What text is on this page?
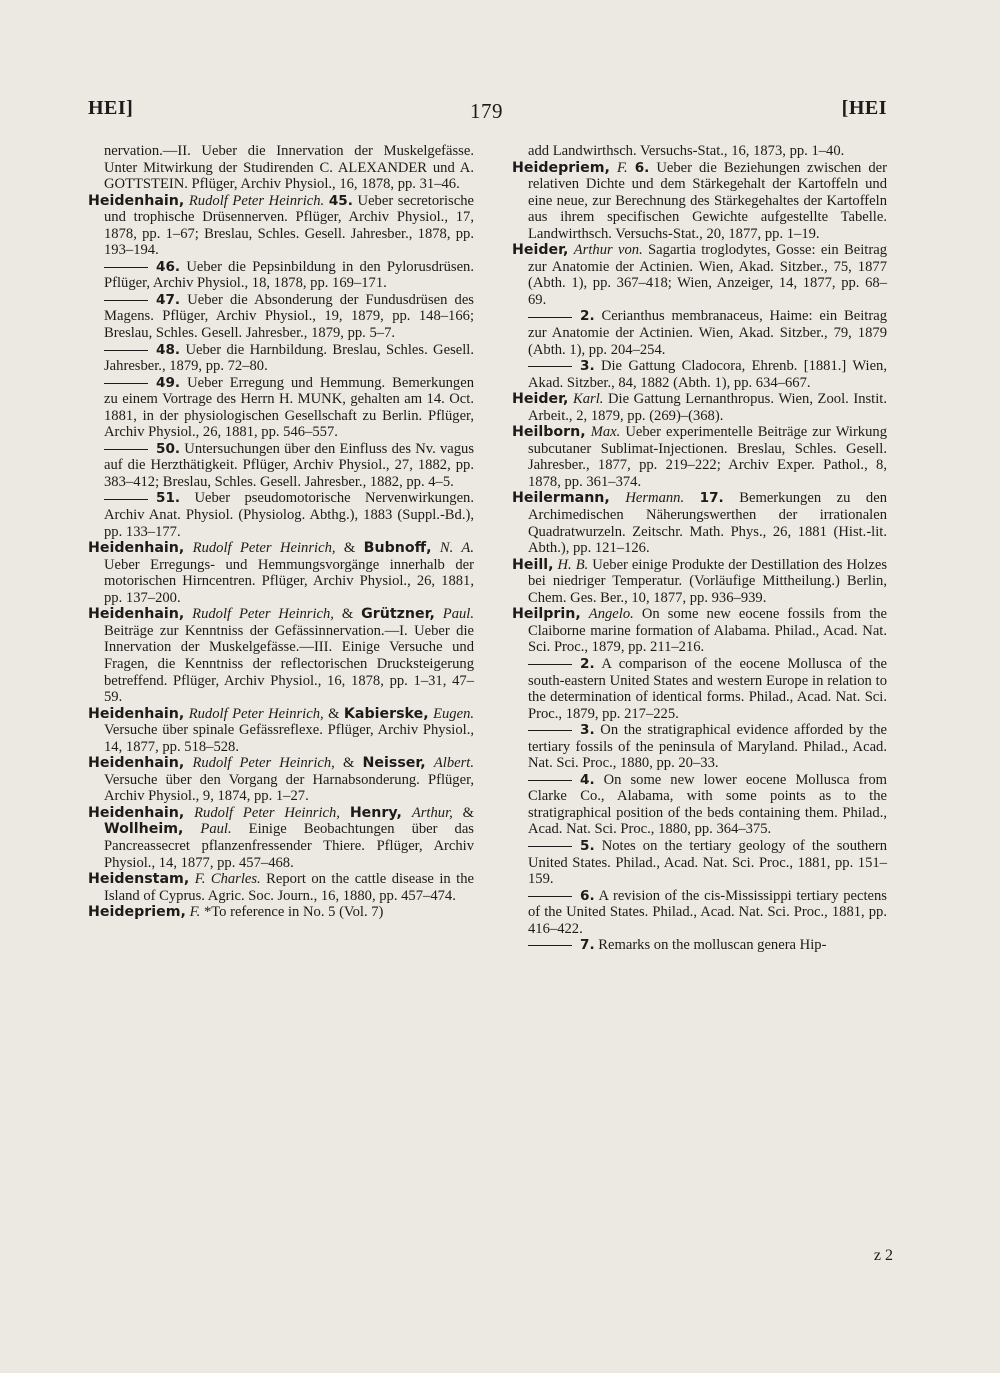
HEI]	179	[HEI

nervation.—II. Ueber die Innervation der Muskelgefässe. Unter Mitwirkung der Studirenden C. ALEXANDER und A. GOTTSTEIN. Pflüger, Archiv Physiol., 16, 1878, pp. 31–46.

Heidenhain, Rudolf Peter Heinrich. 45. Ueber secretorische und trophische Drüsennerven. Pflüger, Archiv Physiol., 17, 1878, pp. 1–67; Breslau, Schles. Gesell. Jahresber., 1878, pp. 193–194.

46. Ueber die Pepsinbildung in den Pylorusdrüsen. Pflüger, Archiv Physiol., 18, 1878, pp. 169–171.

47. Ueber die Absonderung der Fundusdrüsen des Magens. Pflüger, Archiv Physiol., 19, 1879, pp. 148–166; Breslau, Schles. Gesell. Jahresber., 1879, pp. 5–7.

48. Ueber die Harnbildung. Breslau, Schles. Gesell. Jahresber., 1879, pp. 72–80.

49. Ueber Erregung und Hemmung. Bemerkungen zu einem Vortrage des Herrn H. MUNK, gehalten am 14. Oct. 1881, in der physiologischen Gesellschaft zu Berlin. Pflüger, Archiv Physiol., 26, 1881, pp. 546–557.

50. Untersuchungen über den Einfluss des Nv. vagus auf die Herzthätigkeit. Pflüger, Archiv Physiol., 27, 1882, pp. 383–412; Breslau, Schles. Gesell. Jahresber., 1882, pp. 4–5.

51. Ueber pseudomotorische Nervenwirkungen. Archiv Anat. Physiol. (Physiolog. Abthg.), 1883 (Suppl.-Bd.), pp. 133–177.

Heidenhain, Rudolf Peter Heinrich, & Bubnoff, N. A. Ueber Erregungs- und Hemmungsvorgänge innerhalb der motorischen Hirncentren. Pflüger, Archiv Physiol., 26, 1881, pp. 137–200.

Heidenhain, Rudolf Peter Heinrich, & Grützner, Paul. Beiträge zur Kenntniss der Gefässinnervation.—I. Ueber die Innervation der Muskelgefässe.—III. Einige Versuche und Fragen, die Kenntniss der reflectorischen Drucksteigerung betreffend. Pflüger, Archiv Physiol., 16, 1878, pp. 1–31, 47–59.

Heidenhain, Rudolf Peter Heinrich, & Kabierske, Eugen. Versuche über spinale Gefässreflexe. Pflüger, Archiv Physiol., 14, 1877, pp. 518–528.

Heidenhain, Rudolf Peter Heinrich, & Neisser, Albert. Versuche über den Vorgang der Harnabsonderung. Pflüger, Archiv Physiol., 9, 1874, pp. 1–27.

Heidenhain, Rudolf Peter Heinrich, Henry, Arthur, & Wollheim, Paul. Einige Beobachtungen über das Pancreassecret pflanzenfressender Thiere. Pflüger, Archiv Physiol., 14, 1877, pp. 457–468.

Heidenstam, F. Charles. Report on the cattle disease in the Island of Cyprus. Agric. Soc. Journ., 16, 1880, pp. 457–474.

Heidepriem, F. *To reference in No. 5 (Vol. 7)

add Landwirthsch. Versuchs-Stat., 16, 1873, pp. 1–40.

Heidepriem, F. 6. Ueber die Beziehungen zwischen der relativen Dichte und dem Stärkegehalt der Kartoffeln und eine neue, zur Berechnung des Stärkegehaltes der Kartoffeln aus ihrem specifischen Gewichte aufgestellte Tabelle. Landwirthsch. Versuchs-Stat., 20, 1877, pp. 1–19.

Heider, Arthur von. Sagartia troglodytes, Gosse: ein Beitrag zur Anatomie der Actinien. Wien, Akad. Sitzber., 75, 1877 (Abth. 1), pp. 367–418; Wien, Anzeiger, 14, 1877, pp. 68–69.

2. Cerianthus membranaceus, Haime: ein Beitrag zur Anatomie der Actinien. Wien, Akad. Sitzber., 79, 1879 (Abth. 1), pp. 204–254.

3. Die Gattung Cladocora, Ehrenb. [1881.] Wien, Akad. Sitzber., 84, 1882 (Abth. 1), pp. 634–667.

Heider, Karl. Die Gattung Lernanthropus. Wien, Zool. Instit. Arbeit., 2, 1879, pp. (269)–(368).

Heilborn, Max. Ueber experimentelle Beiträge zur Wirkung subcutaner Sublimat-Injectionen. Breslau, Schles. Gesell. Jahresber., 1877, pp. 219–222; Archiv Exper. Pathol., 8, 1878, pp. 361–374.

Heilermann, Hermann. 17. Bemerkungen zu den Archimedischen Näherungswerthen der irrationalen Quadratwurzeln. Zeitschr. Math. Phys., 26, 1881 (Hist.-lit. Abth.), pp. 121–126.

Heill, H. B. Ueber einige Produkte der Destillation des Holzes bei niedriger Temperatur. (Vorläufige Mittheilung.) Berlin, Chem. Ges. Ber., 10, 1877, pp. 936–939.

Heilprin, Angelo. On some new eocene fossils from the Claiborne marine formation of Alabama. Philad., Acad. Nat. Sci. Proc., 1879, pp. 211–216.

2. A comparison of the eocene Mollusca of the south-eastern United States and western Europe in relation to the determination of identical forms. Philad., Acad. Nat. Sci. Proc., 1879, pp. 217–225.

3. On the stratigraphical evidence afforded by the tertiary fossils of the peninsula of Maryland. Philad., Acad. Nat. Sci. Proc., 1880, pp. 20–33.

4. On some new lower eocene Mollusca from Clarke Co., Alabama, with some points as to the stratigraphical position of the beds containing them. Philad., Acad. Nat. Sci. Proc., 1880, pp. 364–375.

5. Notes on the tertiary geology of the southern United States. Philad., Acad. Nat. Sci. Proc., 1881, pp. 151–159.

6. A revision of the cis-Mississippi tertiary pectens of the United States. Philad., Acad. Nat. Sci. Proc., 1881, pp. 416–422.

7. Remarks on the molluscan genera Hip-

z 2
